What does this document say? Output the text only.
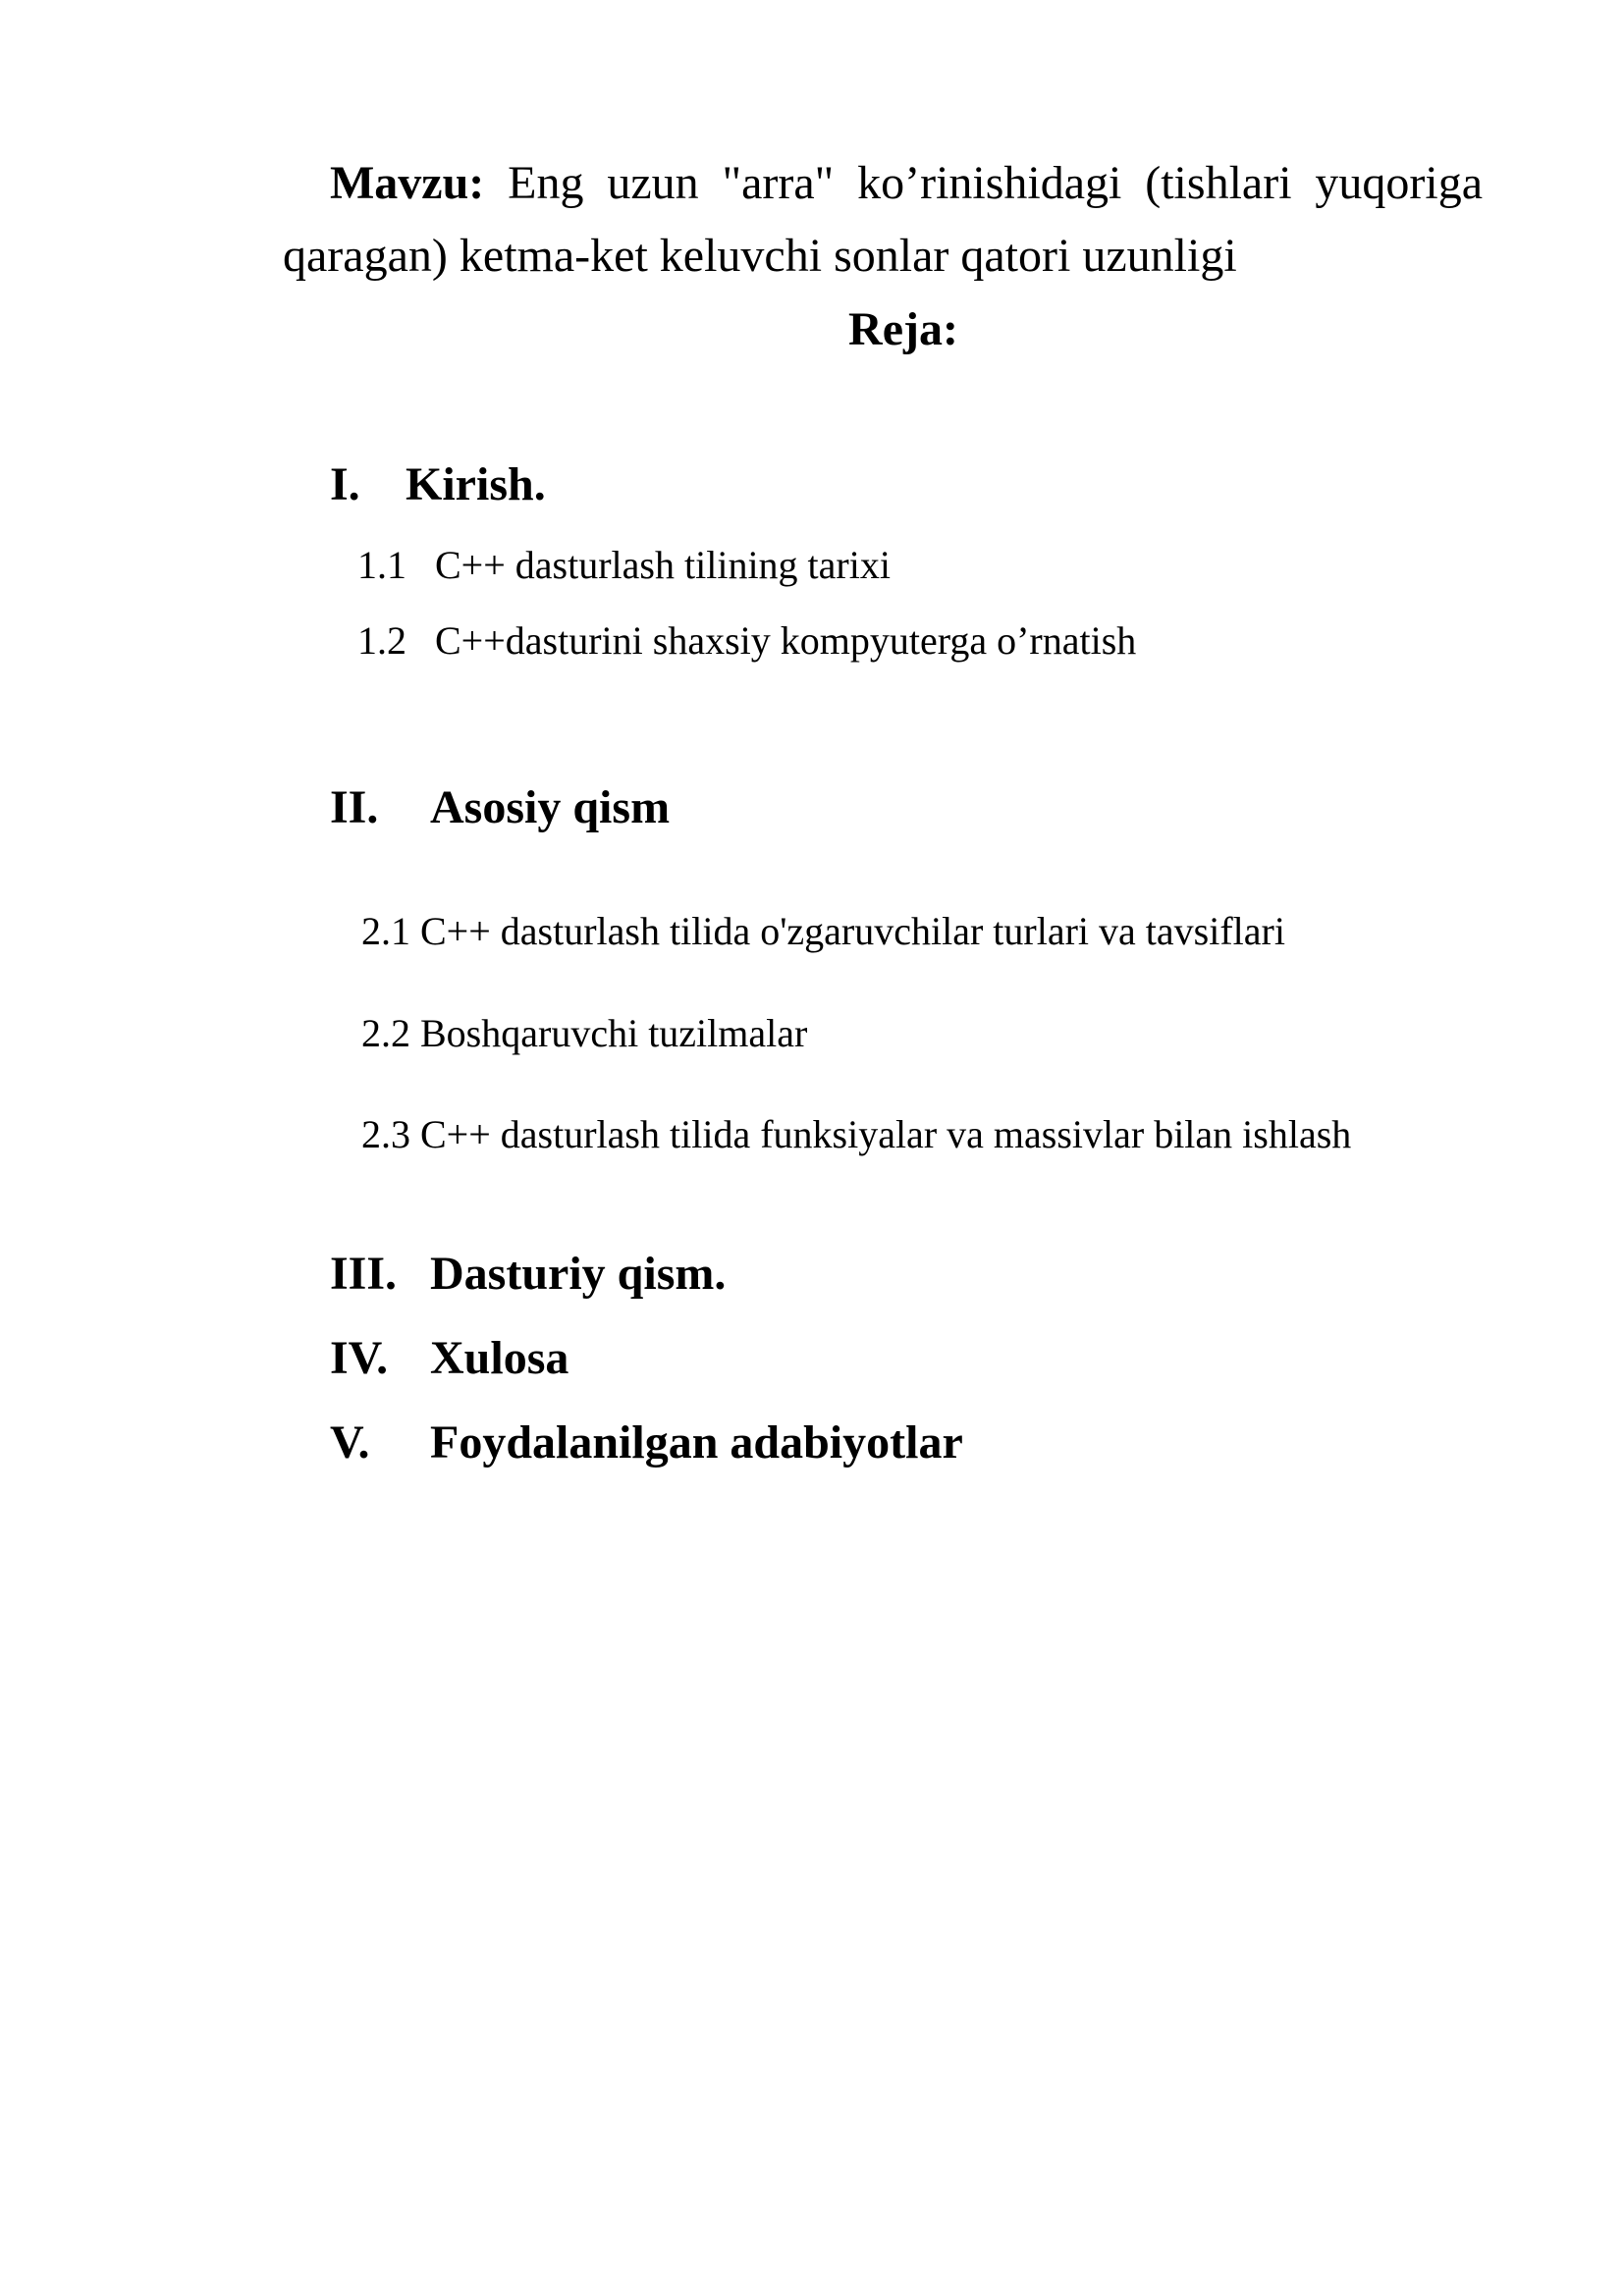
Mavzu: Eng uzun "arra" ko’rinishidagi (tishlari yuqoriga qaragan) ketma-ket keluvchi sonlar qatori uzunligi
Reja:
I. Kirish.
1.1 C++ dasturlash tilining tarixi
1.2 C++dasturini shaxsiy kompyuterga o’rnatish
II. Asosiy qism
2.1 C++ dasturlash tilida o'zgaruvchilar turlari va tavsiflari
2.2 Boshqaruvchi tuzilmalar
2.3 C++ dasturlash tilida funksiyalar va massivlar bilan ishlash
III. Dasturiy qism.
IV. Xulosa
V. Foydalanilgan adabiyotlar
